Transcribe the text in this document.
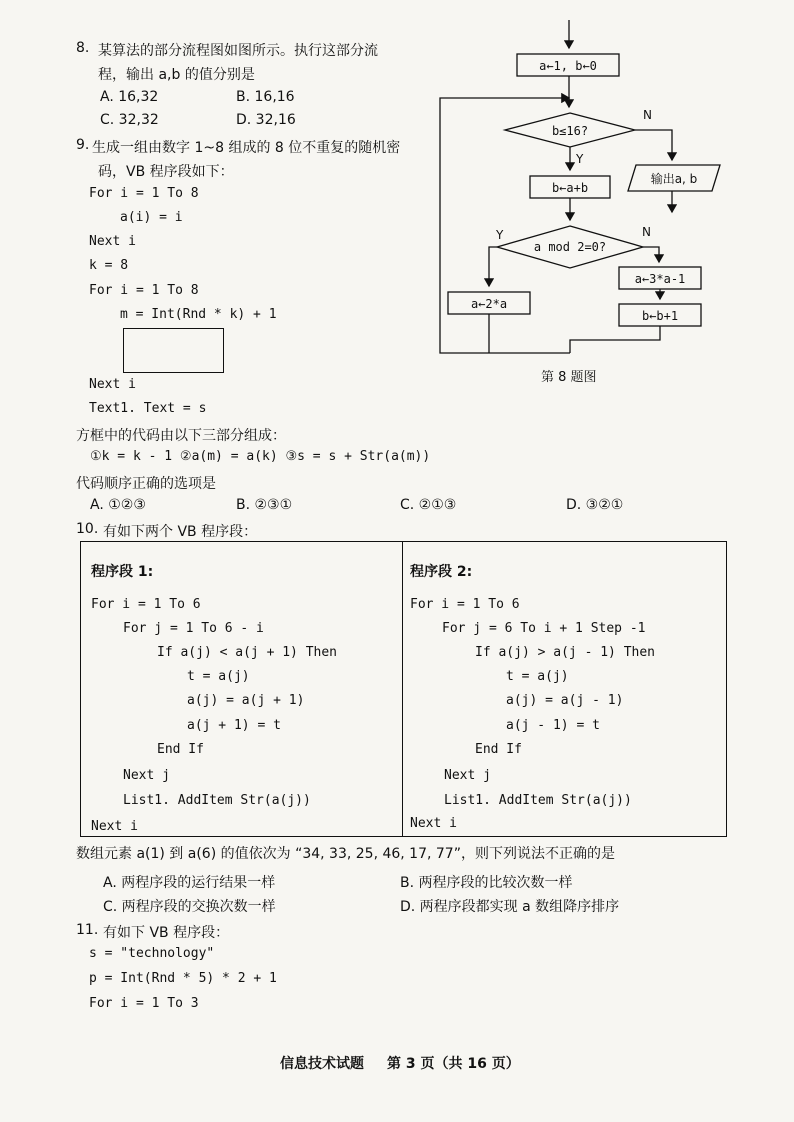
8. 某算法的部分流程图如图所示。执行这部分流
程，输出 a,b 的值分别是
A. 16,32	B. 16,16
C. 32,32	D. 32,16
a←1, b←0
b≤16?
N
输出a, b
Y
b←a+b
a mod 2=0?
Y
a←2*a
N
a←3*a-1
b←b+1
第 8 题图
9. 生成一组由数字 1~8 组成的 8 位不重复的随机密
码，VB 程序段如下：
For i = 1 To 8
a(i) = i
Next i
k = 8
For i = 1 To 8
m = Int(Rnd * k) + 1
Next i
Text1. Text = s
方框中的代码由以下三部分组成：
①k = k - 1 ②a(m) = a(k) ③s = s + Str(a(m))
代码顺序正确的选项是
A. ①②③	B. ②③①	C. ②①③	D. ③②①
10. 有如下两个 VB 程序段：
程序段 1:
For i = 1 To 6
For j = 1 To 6 - i
If a(j) < a(j + 1) Then
t = a(j)
a(j) = a(j + 1)
a(j + 1) = t
End If
Next j
List1. AddItem Str(a(j))
Next i
程序段 2:
For i = 1 To 6
For j = 6 To i + 1 Step -1
If a(j) > a(j - 1) Then
t = a(j)
a(j) = a(j - 1)
a(j - 1) = t
End If
Next j
List1. AddItem Str(a(j))
Next i
数组元素 a(1) 到 a(6) 的值依次为 “34, 33, 25, 46, 17, 77”，则下列说法不正确的是
A. 两程序段的运行结果一样	B. 两程序段的比较次数一样
C. 两程序段的交换次数一样	D. 两程序段都实现 a 数组降序排序
11. 有如下 VB 程序段：
s = "technology"
p = Int(Rnd * 5) * 2 + 1
For i = 1 To 3
信息技术试题 第 3 页（共 16 页）
